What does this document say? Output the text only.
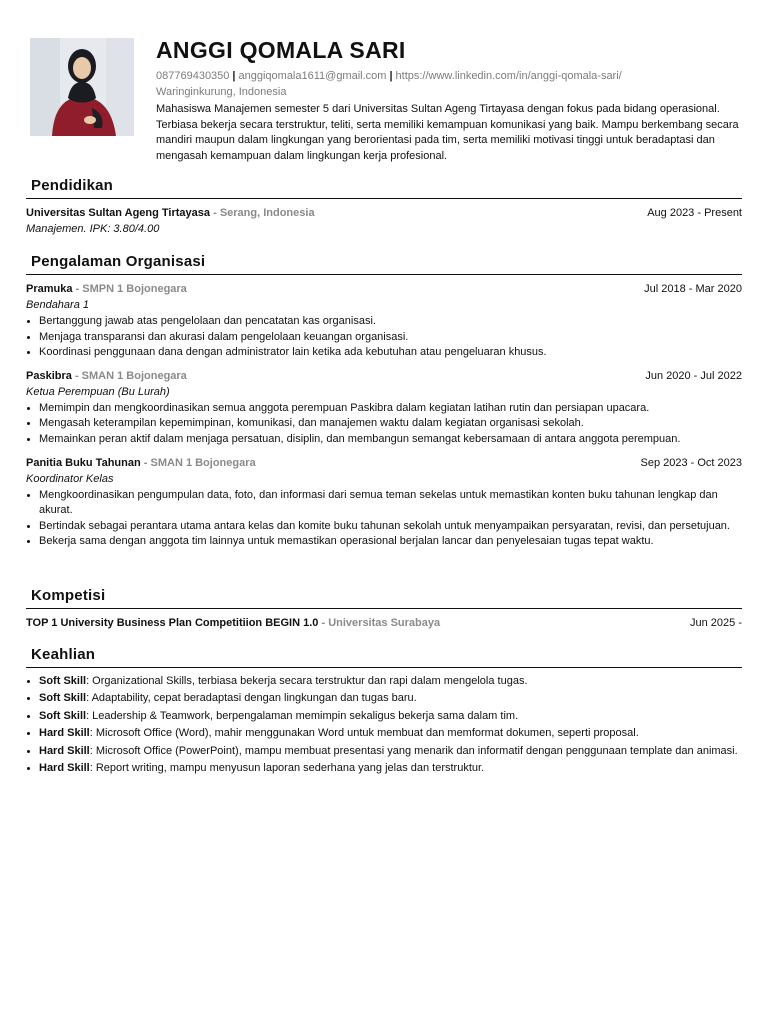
ANGGI QOMALA SARI
087769430350 | anggiqomala1611@gmail.com | https://www.linkedin.com/in/anggi-qomala-sari/
Waringinkurung, Indonesia
Mahasiswa Manajemen semester 5 dari Universitas Sultan Ageng Tirtayasa dengan fokus pada bidang operasional. Terbiasa bekerja secara terstruktur, teliti, serta memiliki kemampuan komunikasi yang baik. Mampu berkembang secara mandiri maupun dalam lingkungan yang berorientasi pada tim, serta memiliki motivasi tinggi untuk beradaptasi dan mengasah kemampuan dalam lingkungan kerja profesional.
Pendidikan
Universitas Sultan Ageng Tirtayasa - Serang, Indonesia	Aug 2023 - Present
Manajemen. IPK: 3.80/4.00
Pengalaman Organisasi
Pramuka - SMPN 1 Bojonegara	Jul 2018 - Mar 2020
Bendahara 1
• Bertanggung jawab atas pengelolaan dan pencatatan kas organisasi.
• Menjaga transparansi dan akurasi dalam pengelolaan keuangan organisasi.
• Koordinasi penggunaan dana dengan administrator lain ketika ada kebutuhan atau pengeluaran khusus.
Paskibra - SMAN 1 Bojonegara	Jun 2020 - Jul 2022
Ketua Perempuan (Bu Lurah)
• Memimpin dan mengkoordinasikan semua anggota perempuan Paskibra dalam kegiatan latihan rutin dan persiapan upacara.
• Mengasah keterampilan kepemimpinan, komunikasi, dan manajemen waktu dalam kegiatan organisasi sekolah.
• Memainkan peran aktif dalam menjaga persatuan, disiplin, dan membangun semangat kebersamaan di antara anggota perempuan.
Panitia Buku Tahunan - SMAN 1 Bojonegara	Sep 2023 - Oct 2023
Koordinator Kelas
• Mengkoordinasikan pengumpulan data, foto, dan informasi dari semua teman sekelas untuk memastikan konten buku tahunan lengkap dan akurat.
• Bertindak sebagai perantara utama antara kelas dan komite buku tahunan sekolah untuk menyampaikan persyaratan, revisi, dan persetujuan.
• Bekerja sama dengan anggota tim lainnya untuk memastikan operasional berjalan lancar dan penyelesaian tugas tepat waktu.
Kompetisi
TOP 1 University Business Plan Competitiion BEGIN 1.0 - Universitas Surabaya	Jun 2025 -
Keahlian
• Soft Skill: Organizational Skills, terbiasa bekerja secara terstruktur dan rapi dalam mengelola tugas.
• Soft Skill: Adaptability, cepat beradaptasi dengan lingkungan dan tugas baru.
• Soft Skill: Leadership & Teamwork, berpengalaman memimpin sekaligus bekerja sama dalam tim.
• Hard Skill: Microsoft Office (Word), mahir menggunakan Word untuk membuat dan memformat dokumen, seperti proposal.
• Hard Skill: Microsoft Office (PowerPoint), mampu membuat presentasi yang menarik dan informatif dengan penggunaan template dan animasi.
• Hard Skill: Report writing, mampu menyusun laporan sederhana yang jelas dan terstruktur.
